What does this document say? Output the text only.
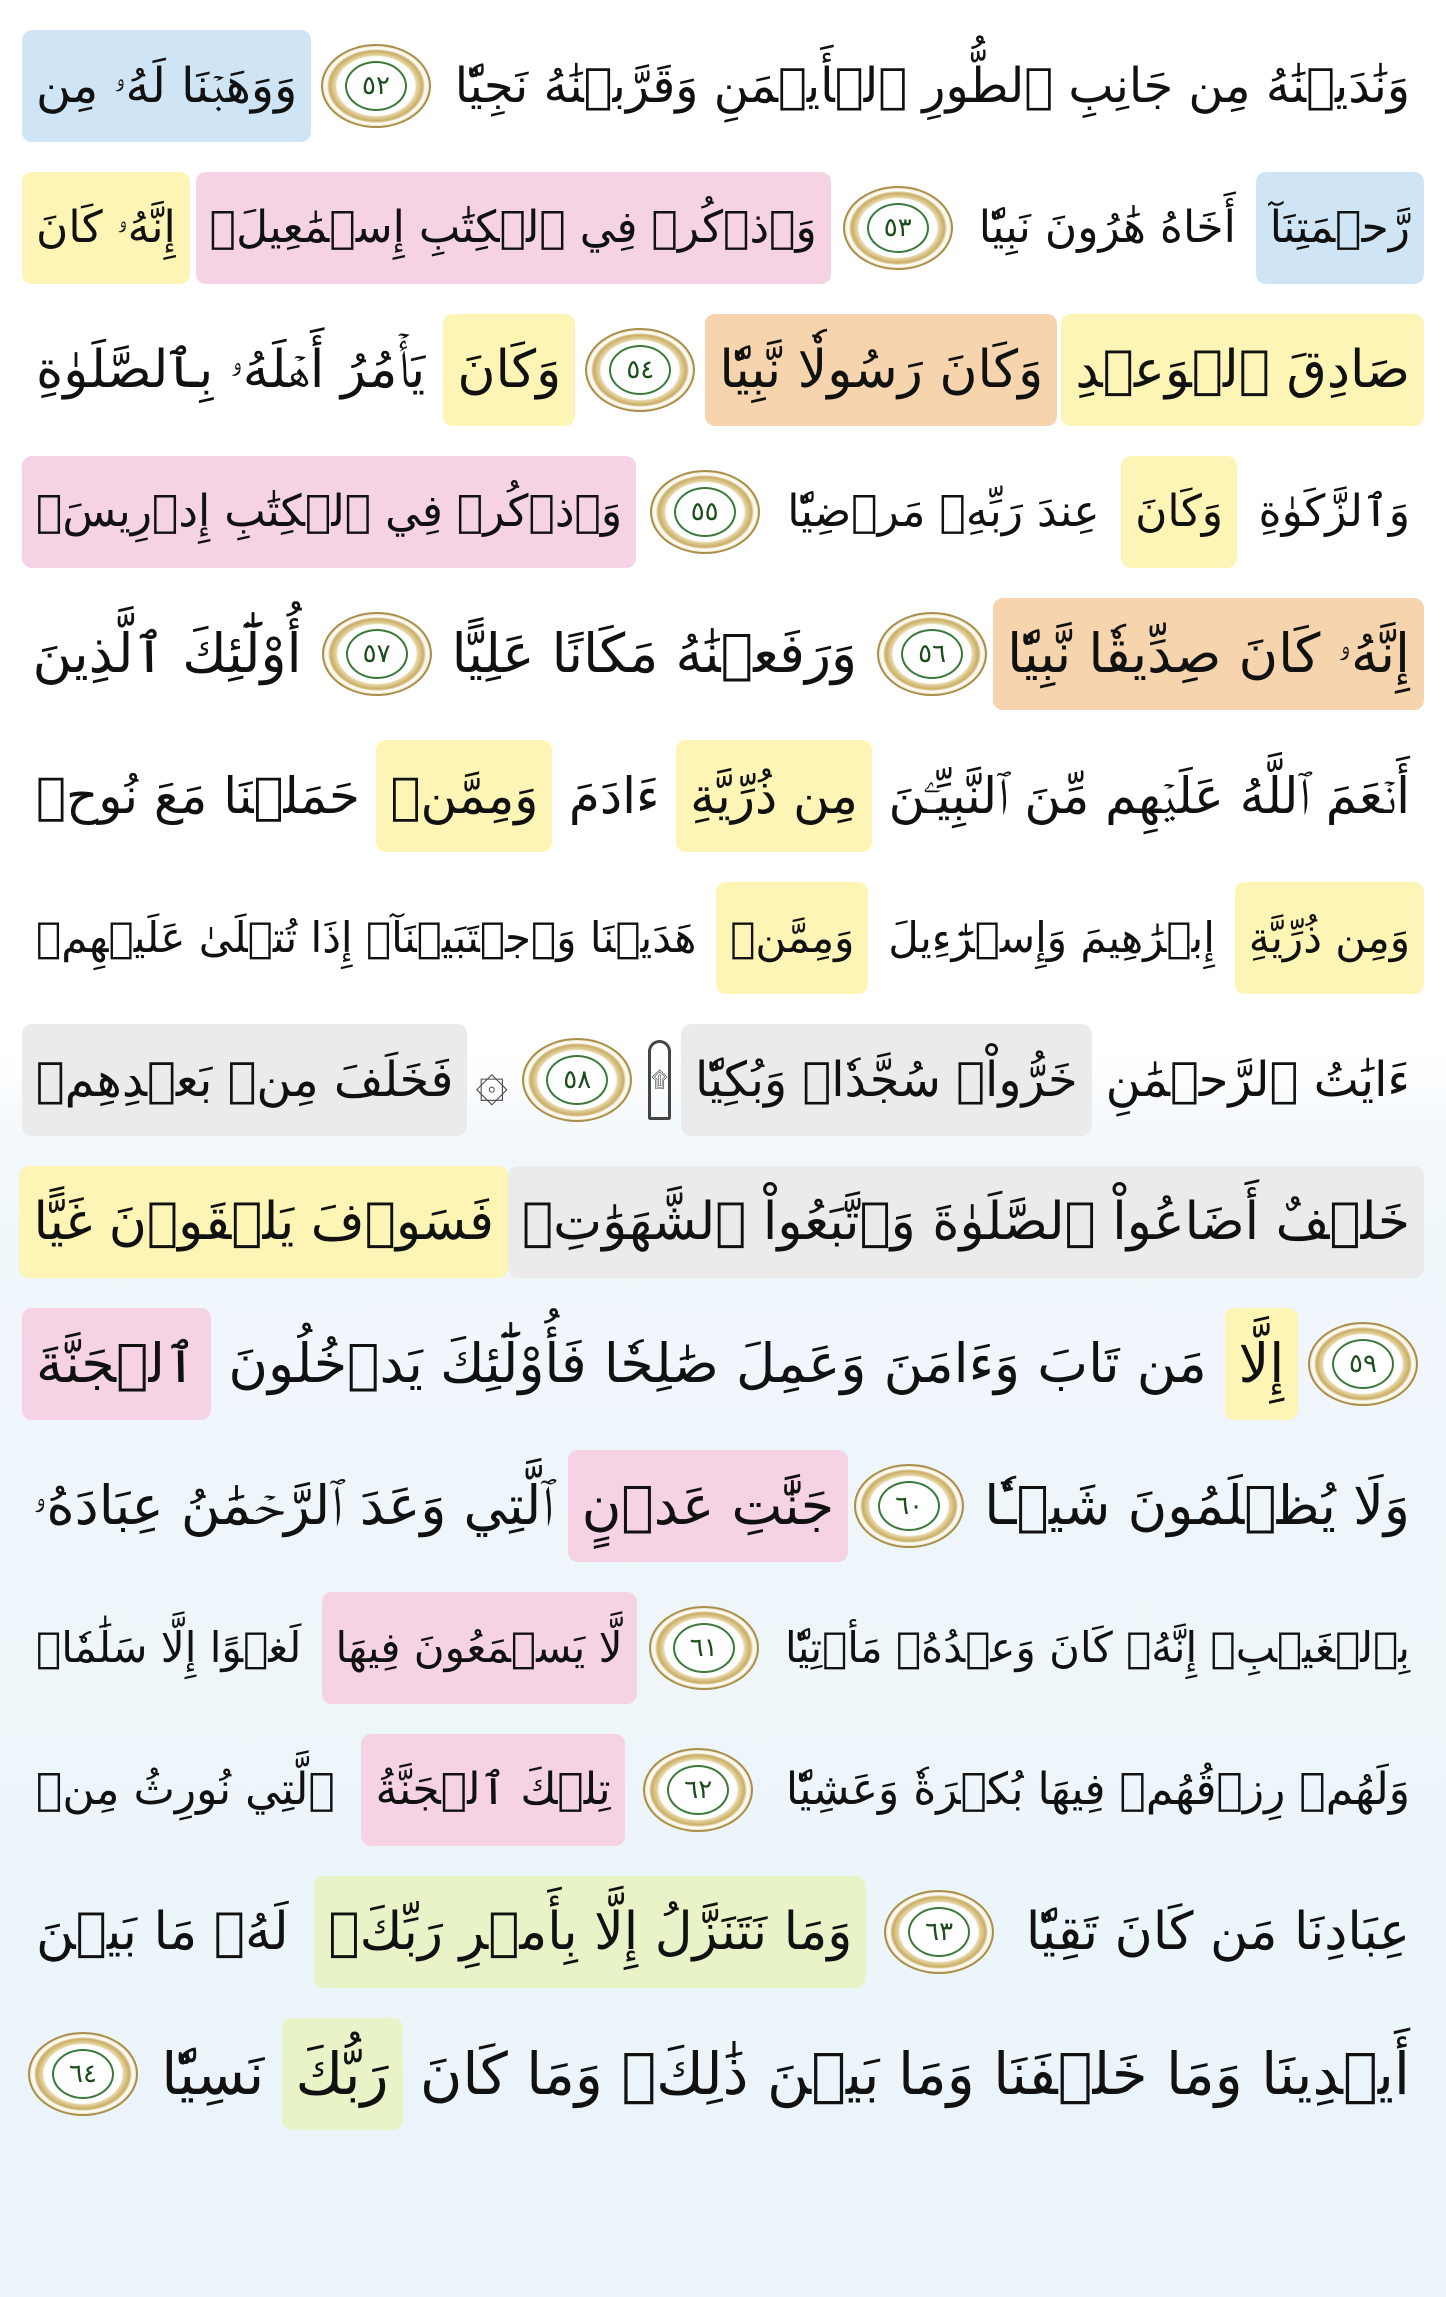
وَنَٰدَيۡنَٰهُ مِن جَانِبِ ٱلطُّورِ ٱلۡأَيۡمَنِ وَقَرَّبۡنَٰهُ نَجِيّٗا
٥٢
وَوَهَبۡنَا لَهُۥ مِن
رَّحۡمَتِنَآ
أَخَاهُ هَٰرُونَ نَبِيّٗا
٥٣
وَٱذۡكُرۡ فِي ٱلۡكِتَٰبِ إِسۡمَٰعِيلَۚ
إِنَّهُۥ كَانَ
صَادِقَ ٱلۡوَعۡدِ
وَكَانَ رَسُولٗا نَّبِيّٗا
٥٤
وَكَانَ
يَأۡمُرُ أَهۡلَهُۥ بِٱلصَّلَوٰةِ
وَٱلزَّكَوٰةِ
وَكَانَ
عِندَ رَبِّهِۦ مَرۡضِيّٗا
٥٥
وَٱذۡكُرۡ فِي ٱلۡكِتَٰبِ إِدۡرِيسَۚ
إِنَّهُۥ كَانَ صِدِّيقٗا نَّبِيّٗا
٥٦
وَرَفَعۡنَٰهُ مَكَانًا عَلِيًّا
٥٧
أُوْلَٰٓئِكَ ٱلَّذِينَ
أَنۡعَمَ ٱللَّهُ عَلَيۡهِم مِّنَ ٱلنَّبِيِّـۧنَ
مِن ذُرِّيَّةِ
ءَادَمَ
وَمِمَّنۡ
حَمَلۡنَا مَعَ نُوحٖ
وَمِن ذُرِّيَّةِ
إِبۡرَٰهِيمَ وَإِسۡرَٰٓءِيلَ
وَمِمَّنۡ
هَدَيۡنَا وَٱجۡتَبَيۡنَآۚ إِذَا تُتۡلَىٰ عَلَيۡهِمۡ
ءَايَٰتُ ٱلرَّحۡمَٰنِ
خَرُّواْۤ سُجَّدٗاۤ وَبُكِيّٗا
۩
٥٨
۞
فَخَلَفَ مِنۢ بَعۡدِهِمۡ
خَلۡفٌ أَضَاعُواْ ٱلصَّلَوٰةَ وَٱتَّبَعُواْ ٱلشَّهَوَٰتِۖ
فَسَوۡفَ يَلۡقَوۡنَ غَيًّا
٥٩
إِلَّا
مَن تَابَ وَءَامَنَ وَعَمِلَ صَٰلِحٗا فَأُوْلَٰٓئِكَ يَدۡخُلُونَ
ٱلۡجَنَّةَ
وَلَا يُظۡلَمُونَ شَيۡـٔٗا
٦٠
جَنَّٰتِ عَدۡنٍ
ٱلَّتِي وَعَدَ ٱلرَّحۡمَٰنُ عِبَادَهُۥ
بِٱلۡغَيۡبِۚ إِنَّهُۥ كَانَ وَعۡدُهُۥ مَأۡتِيّٗا
٦١
لَّا يَسۡمَعُونَ فِيهَا
لَغۡوًا إِلَّا سَلَٰمٗاۖ
وَلَهُمۡ رِزۡقُهُمۡ فِيهَا بُكۡرَةٗ وَعَشِيّٗا
٦٢
تِلۡكَ ٱلۡجَنَّةُ
ٱلَّتِي نُورِثُ مِنۡ
عِبَادِنَا مَن كَانَ تَقِيّٗا
٦٣
وَمَا نَتَنَزَّلُ إِلَّا بِأَمۡرِ رَبِّكَۖ
لَهُۥ مَا بَيۡنَ
أَيۡدِينَا وَمَا خَلۡفَنَا وَمَا بَيۡنَ ذَٰلِكَۚ وَمَا كَانَ
رَبُّكَ
نَسِيّٗا
٦٤
